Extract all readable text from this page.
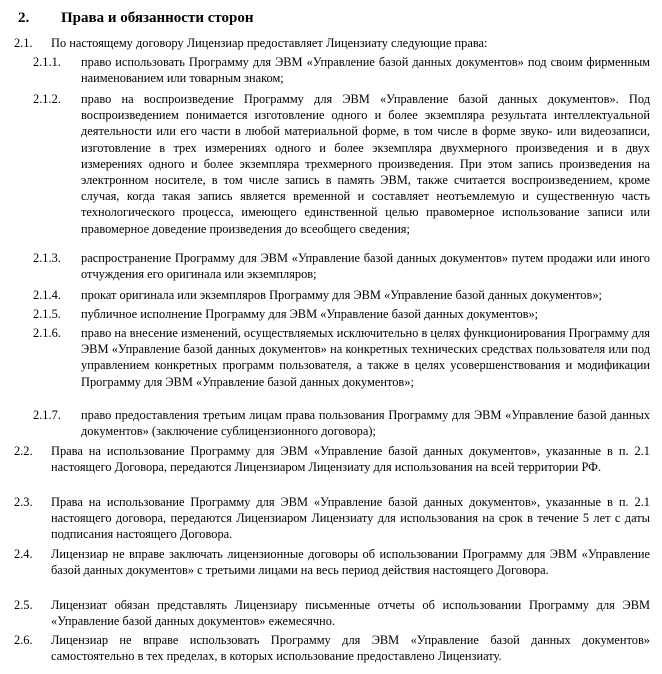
2. Права и обязанности сторон
2.1. По настоящему договору Лицензиар предоставляет Лицензиату следующие права:
2.1.1. право использовать Программу для ЭВМ «Управление базой данных документов» под своим фирменным наименованием или товарным знаком;
2.1.2. право на воспроизведение Программу для ЭВМ «Управление базой данных документов». Под воспроизведением понимается изготовление одного и более экземпляра результата интеллектуальной деятельности или его части в любой материальной форме, в том числе в форме звуко- или видеозаписи, изготовление в трех измерениях одного и более экземпляра двухмерного произведения и в двух измерениях одного и более экземпляра трехмерного произведения. При этом запись произведения на электронном носителе, в том числе запись в память ЭВМ, также считается воспроизведением, кроме случая, когда такая запись является временной и составляет неотъемлемую и существенную часть технологического процесса, имеющего единственной целью правомерное использование записи или правомерное доведение произведения до всеобщего сведения;
2.1.3. распространение Программу для ЭВМ «Управление базой данных документов» путем продажи или иного отчуждения его оригинала или экземпляров;
2.1.4. прокат оригинала или экземпляров Программу для ЭВМ «Управление базой данных документов»;
2.1.5. публичное исполнение Программу для ЭВМ «Управление базой данных документов»;
2.1.6. право на внесение изменений, осуществляемых исключительно в целях функционирования Программу для ЭВМ «Управление базой данных документов» на конкретных технических средствах пользователя или под управлением конкретных программ пользователя, а также в целях усовершенствования и модификации Программу для ЭВМ «Управление базой данных документов»;
2.1.7. право предоставления третьим лицам права пользования Программу для ЭВМ «Управление базой данных документов» (заключение сублицензионного договора);
2.2. Права на использование Программу для ЭВМ «Управление базой данных документов», указанные в п. 2.1 настоящего Договора, передаются Лицензиаром Лицензиату для использования на всей территории РФ.
2.3. Права на использование Программу для ЭВМ «Управление базой данных документов», указанные в п. 2.1 настоящего договора, передаются Лицензиаром Лицензиату для использования на срок в течение 5 лет с даты подписания настоящего Договора.
2.4. Лицензиар не вправе заключать лицензионные договоры об использовании Программу для ЭВМ «Управление базой данных документов» с третьими лицами на весь период действия настоящего Договора.
2.5. Лицензиат обязан представлять Лицензиару письменные отчеты об использовании Программу для ЭВМ «Управление базой данных документов» ежемесячно.
2.6. Лицензиар не вправе использовать Программу для ЭВМ «Управление базой данных документов» самостоятельно в тех пределах, в которых использование предоставлено Лицензиату.
